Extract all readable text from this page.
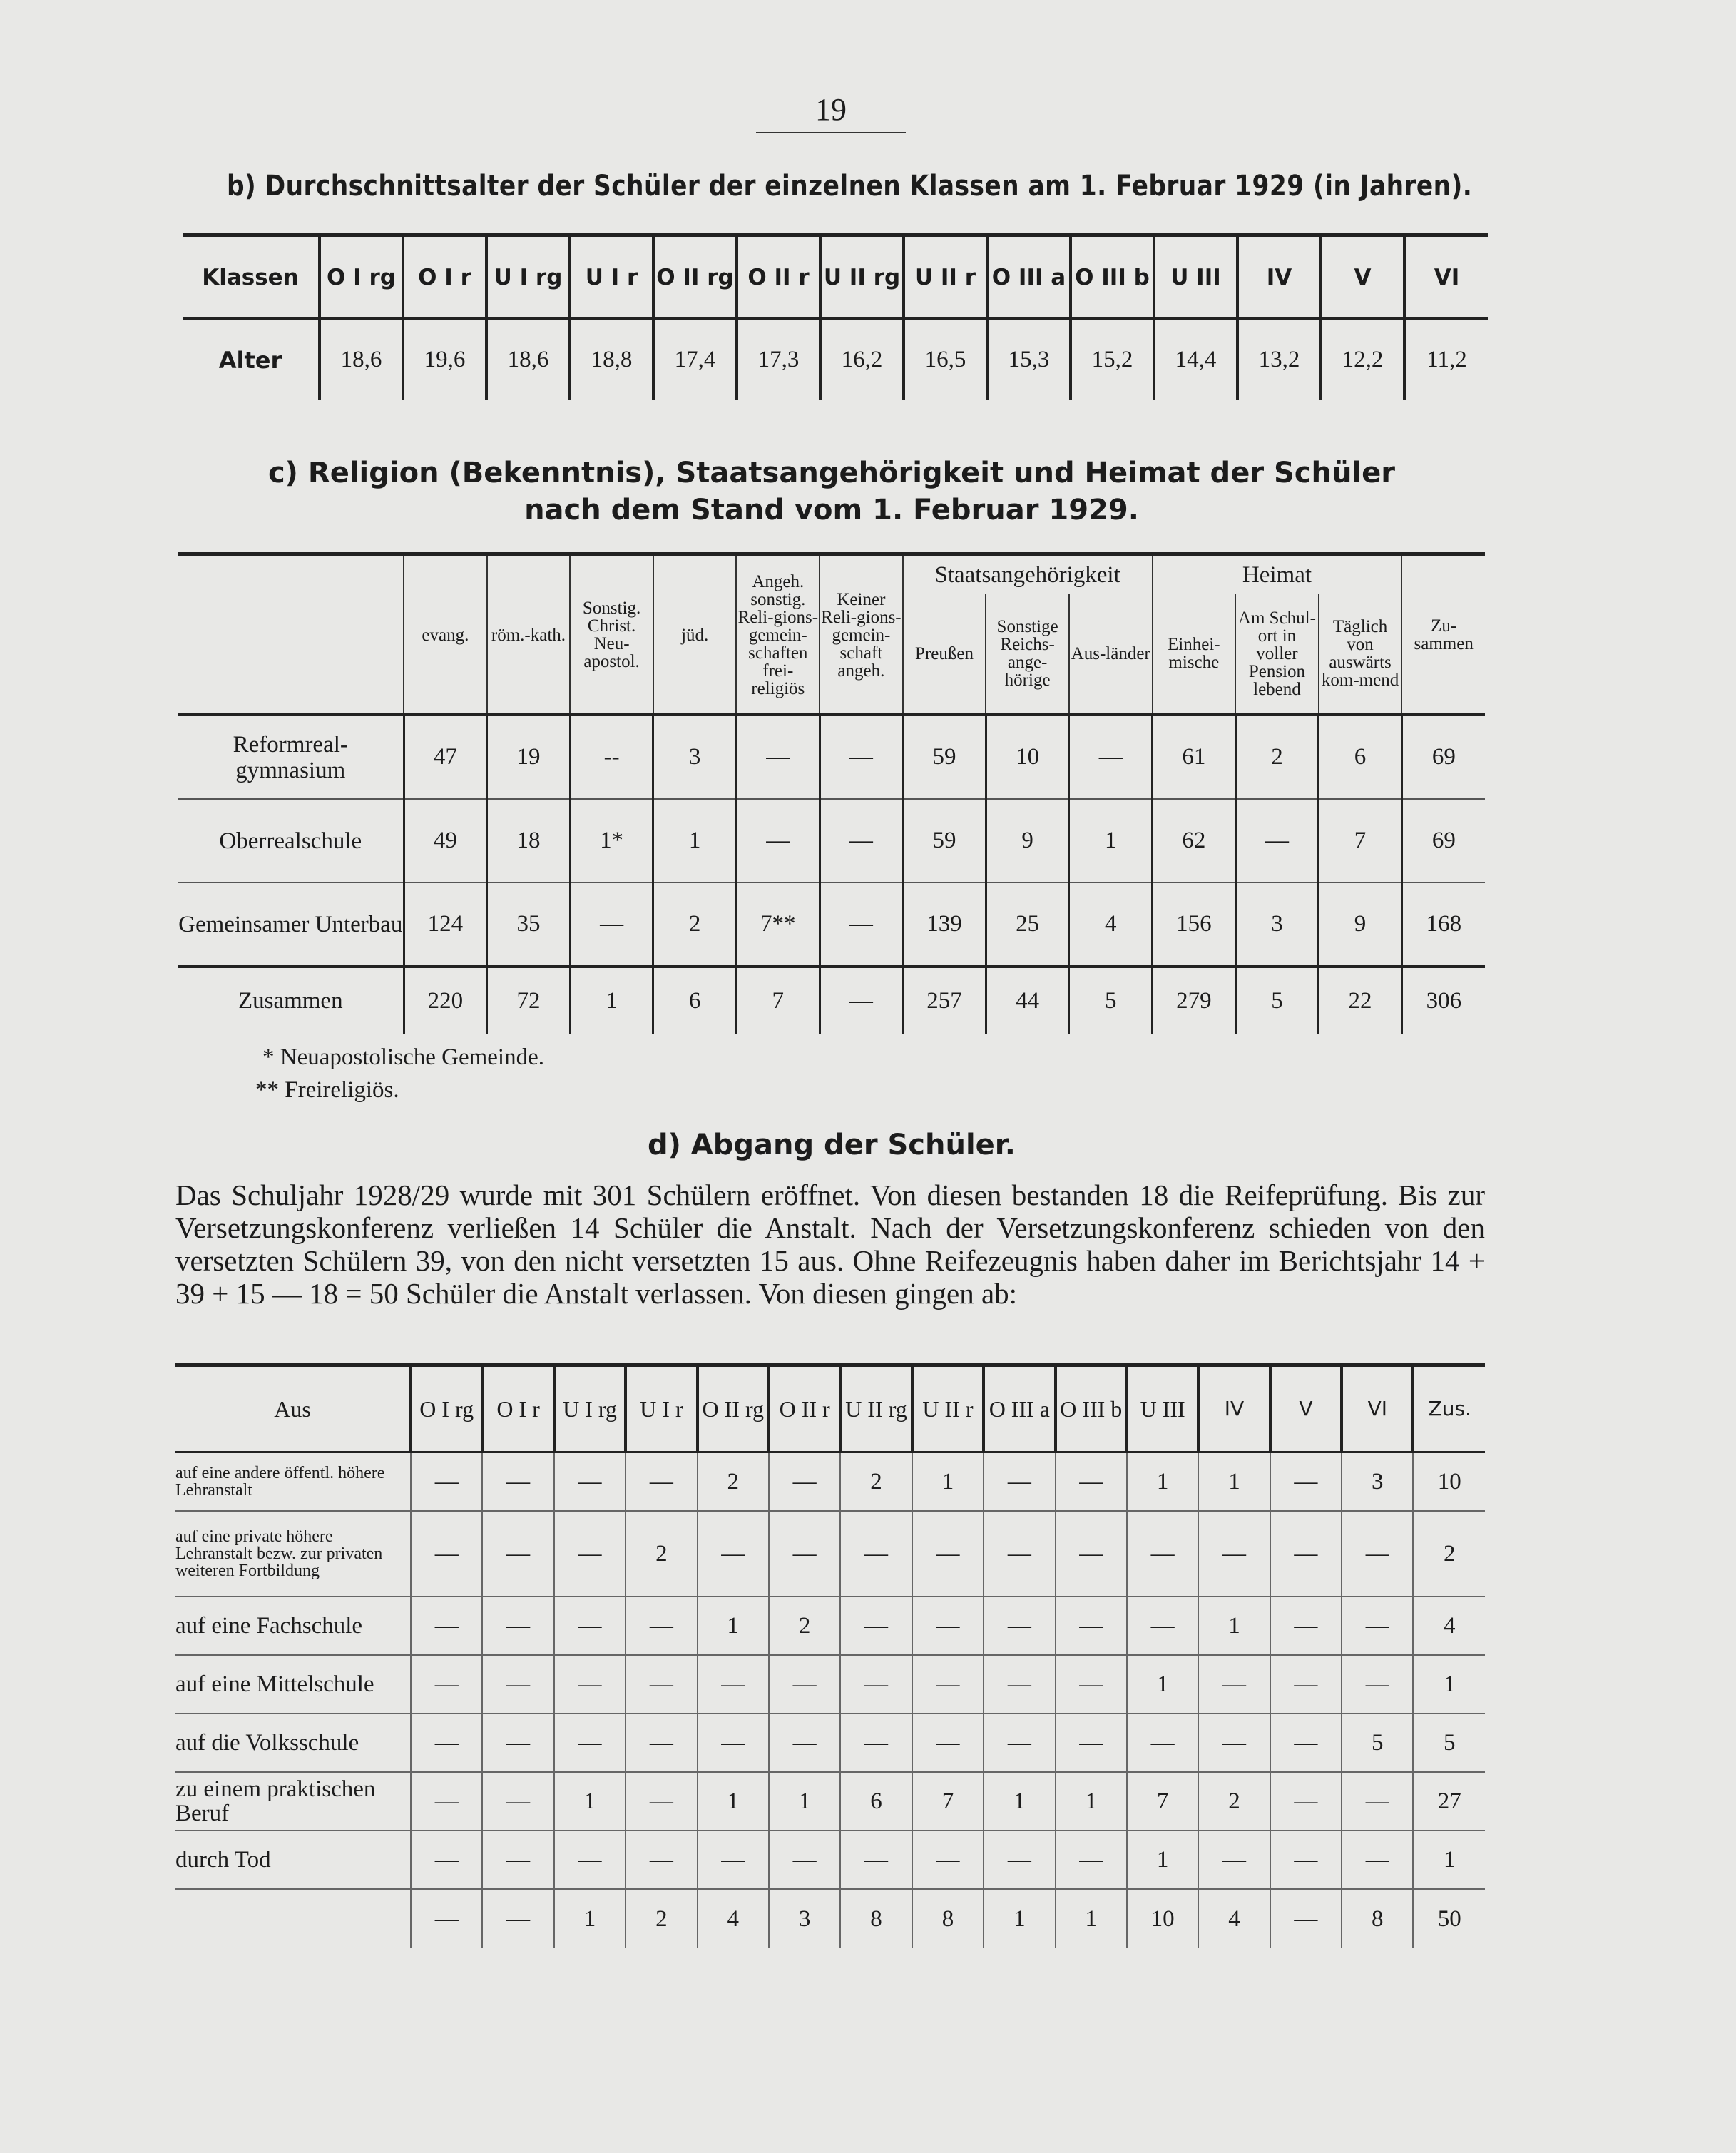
19
b) Durchschnittsalter der Schüler der einzelnen Klassen am 1. Februar 1929 (in Jahren).
Klassen	O I rg	O I r	U I rg	U I r	O II rg	O II r	U II rg	U II r	O III a	O III b	U III	IV	V	VI
Alter	18,6	19,6	18,6	18,8	17,4	17,3	16,2	16,5	15,3	15,2	14,4	13,2	12,2	11,2
c) Religion (Bekenntnis), Staatsangehörigkeit und Heimat der Schüler
nach dem Stand vom 1. Februar 1929.
	evang.	röm.-kath.	Sonstig. Christ. Neu-apostol.	jüd.	Angeh. sonstig. Reli-gions-gemein-schaften frei-religiös	Keiner Reli-gions-gemein-schaft angeh.	Staatsangehörigkeit			Heimat			Zu-sammen
							Preußen	Sonstige Reichs-ange-hörige	Aus-länder	Einhei-mische	Am Schul-ort in voller Pension lebend	Täglich von auswärts kom-mend	
Reformreal-gymnasium	47	19	--	3	—	—	59	10	—	61	2	6	69
Oberrealschule	49	18	1*	1	—	—	59	9	1	62	—	7	69
Gemeinsamer Unterbau	124	35	—	2	7**	—	139	25	4	156	3	9	168
Zusammen	220	72	1	6	7	—	257	44	5	279	5	22	306
* Neuapostolische Gemeinde.
** Freireligiös.
d) Abgang der Schüler.
Das Schuljahr 1928/29 wurde mit 301 Schülern eröffnet. Von diesen bestanden 18 die Reifeprüfung. Bis zur Versetzungskonferenz verließen 14 Schüler die Anstalt. Nach der Versetzungskonferenz schieden von den versetzten Schülern 39, von den nicht versetzten 15 aus. Ohne Reifezeugnis haben daher im Berichtsjahr 14 + 39 + 15 — 18 = 50 Schüler die Anstalt verlassen. Von diesen gingen ab:
Aus	O I rg	O I r	U I rg	U I r	O II rg	O II r	U II rg	U II r	O III a	O III b	U III	IV	V	VI	Zus.
auf eine andere öffentl. höhere Lehranstalt	—	—	—	—	2	—	2	1	—	—	1	1	—	3	10
auf eine private höhere Lehranstalt bezw. zur privaten weiteren Fortbildung	—	—	—	2	—	—	—	—	—	—	—	—	—	—	2
auf eine Fachschule	—	—	—	—	1	2	—	—	—	—	—	1	—	—	4
auf eine Mittelschule	—	—	—	—	—	—	—	—	—	—	1	—	—	—	1
auf die Volksschule	—	—	—	—	—	—	—	—	—	—	—	—	—	5	5
zu einem praktischen Beruf	—	—	1	—	1	1	6	7	1	1	7	2	—	—	27
durch Tod	—	—	—	—	—	—	—	—	—	—	1	—	—	—	1
	—	—	1	2	4	3	8	8	1	1	10	4	—	8	50
